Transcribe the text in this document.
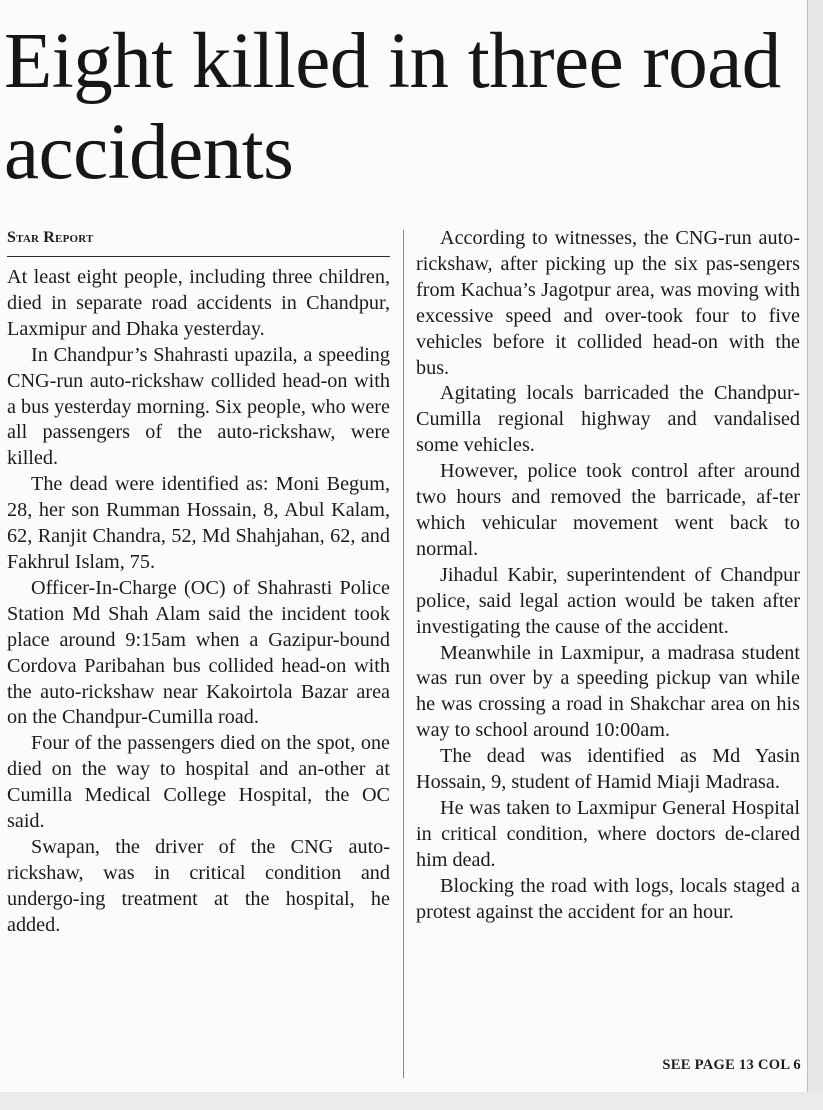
Eight killed in three road accidents
Star Report

At least eight people, including three children, died in separate road accidents in Chandpur, Laxmipur and Dhaka yesterday.

In Chandpur’s Shahrasti upazila, a speeding CNG-run auto-rickshaw collided head-on with a bus yesterday morning. Six people, who were all passengers of the auto-rickshaw, were killed.

The dead were identified as: Moni Begum, 28, her son Rumman Hossain, 8, Abul Kalam, 62, Ranjit Chandra, 52, Md Shahjahan, 62, and Fakhrul Islam, 75.

Officer-In-Charge (OC) of Shahrasti Police Station Md Shah Alam said the incident took place around 9:15am when a Gazipur-bound Cordova Paribahan bus collided head-on with the auto-rickshaw near Kakoirtola Bazar area on the Chandpur-Cumilla road.

Four of the passengers died on the spot, one died on the way to hospital and an-other at Cumilla Medical College Hospital, the OC said.

Swapan, the driver of the CNG auto-rickshaw, was in critical condition and undergo-ing treatment at the hospital, he added.

According to witnesses, the CNG-run auto-rickshaw, after picking up the six pas-sengers from Kachua’s Jagotpur area, was moving with excessive speed and over-took four to five vehicles before it collided head-on with the bus.

Agitating locals barricaded the Chandpur-Cumilla regional highway and vandalised some vehicles.

However, police took control after around two hours and removed the barricade, af-ter which vehicular movement went back to normal.

Jihadul Kabir, superintendent of Chandpur police, said legal action would be taken after investigating the cause of the accident.

Meanwhile in Laxmipur, a madrasa student was run over by a speeding pickup van while he was crossing a road in Shakchar area on his way to school around 10:00am.

The dead was identified as Md Yasin Hossain, 9, student of Hamid Miaji Madrasa.

He was taken to Laxmipur General Hospital in critical condition, where doctors de-clared him dead.

Blocking the road with logs, locals staged a protest against the accident for an hour.

SEE PAGE 13 COL 6
